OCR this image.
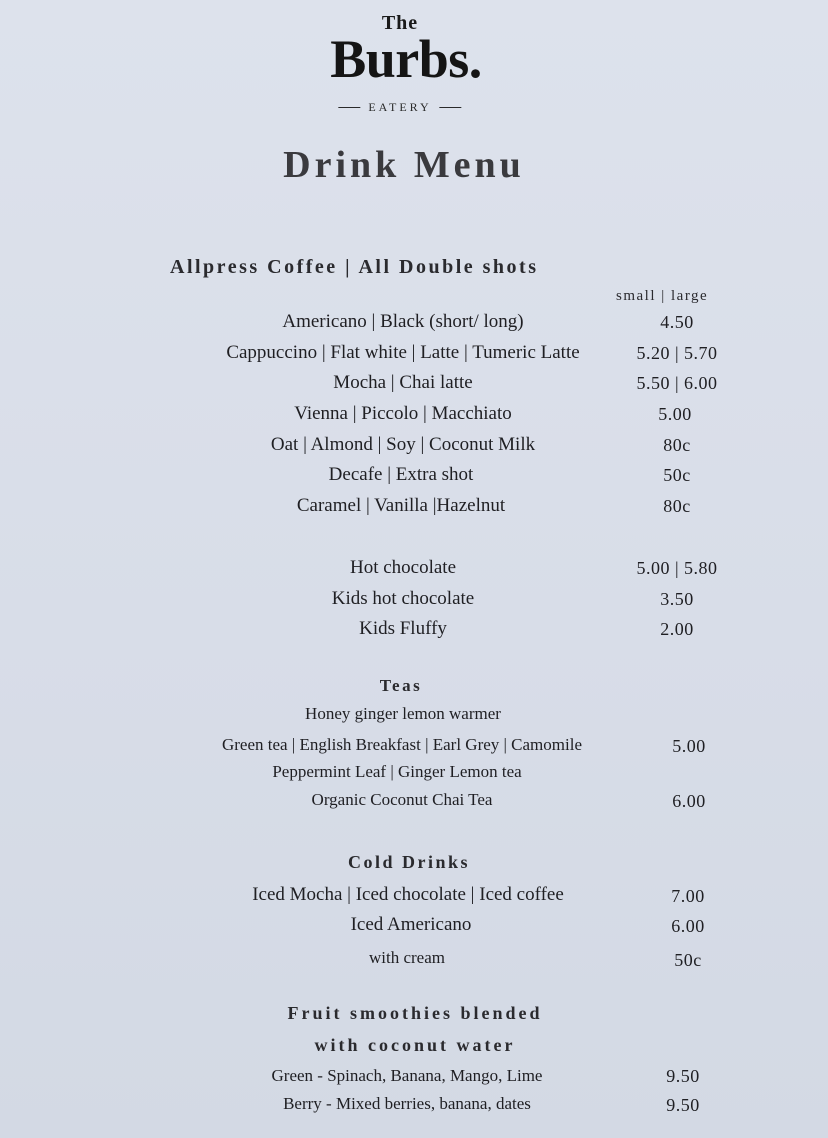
The
Burbs.
EATERY
Drink Menu
Allpress Coffee | All Double shots
small | large
Americano | Black (short/ long)	4.50
Cappuccino | Flat white | Latte | Tumeric Latte	5.20 | 5.70
Mocha | Chai latte	5.50 | 6.00
Vienna | Piccolo | Macchiato	5.00
Oat | Almond | Soy | Coconut Milk	80c
Decafe | Extra shot	50c
Caramel | Vanilla |Hazelnut	80c
Hot chocolate	5.00 | 5.80
Kids hot chocolate	3.50
Kids Fluffy	2.00
Teas
Honey ginger lemon warmer
Green tea | English Breakfast | Earl Grey | Camomile	5.00
Peppermint Leaf | Ginger Lemon tea
Organic Coconut Chai Tea	6.00
Cold Drinks
Iced Mocha | Iced chocolate | Iced coffee	7.00
Iced Americano	6.00
with cream	50c
Fruit smoothies blended
with coconut water
Green - Spinach, Banana, Mango, Lime	9.50
Berry - Mixed berries, banana, dates	9.50
